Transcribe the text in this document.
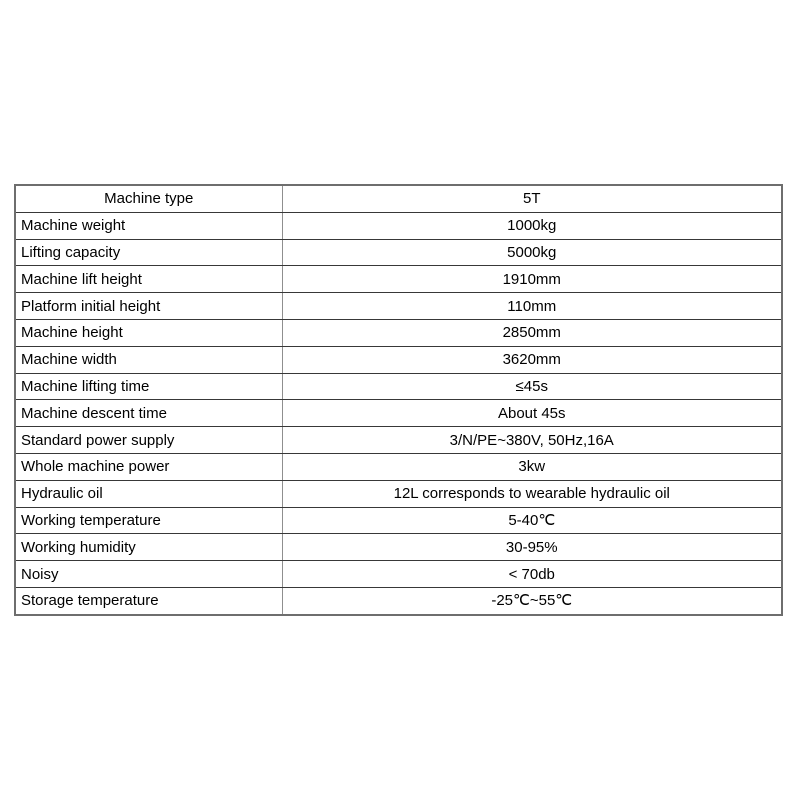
Machine type	5T
Machine weight	1000kg
Lifting capacity	5000kg
Machine lift height	1910mm
Platform initial height	110mm
Machine height	2850mm
Machine width	3620mm
Machine lifting time	≤45s
Machine descent time	About 45s
Standard power supply	3/N/PE~380V, 50Hz,16A
Whole machine power	3kw
Hydraulic oil	12L corresponds to wearable hydraulic oil
Working temperature	5-40℃
Working humidity	30-95%
Noisy	< 70db
Storage temperature	-25℃~55℃
